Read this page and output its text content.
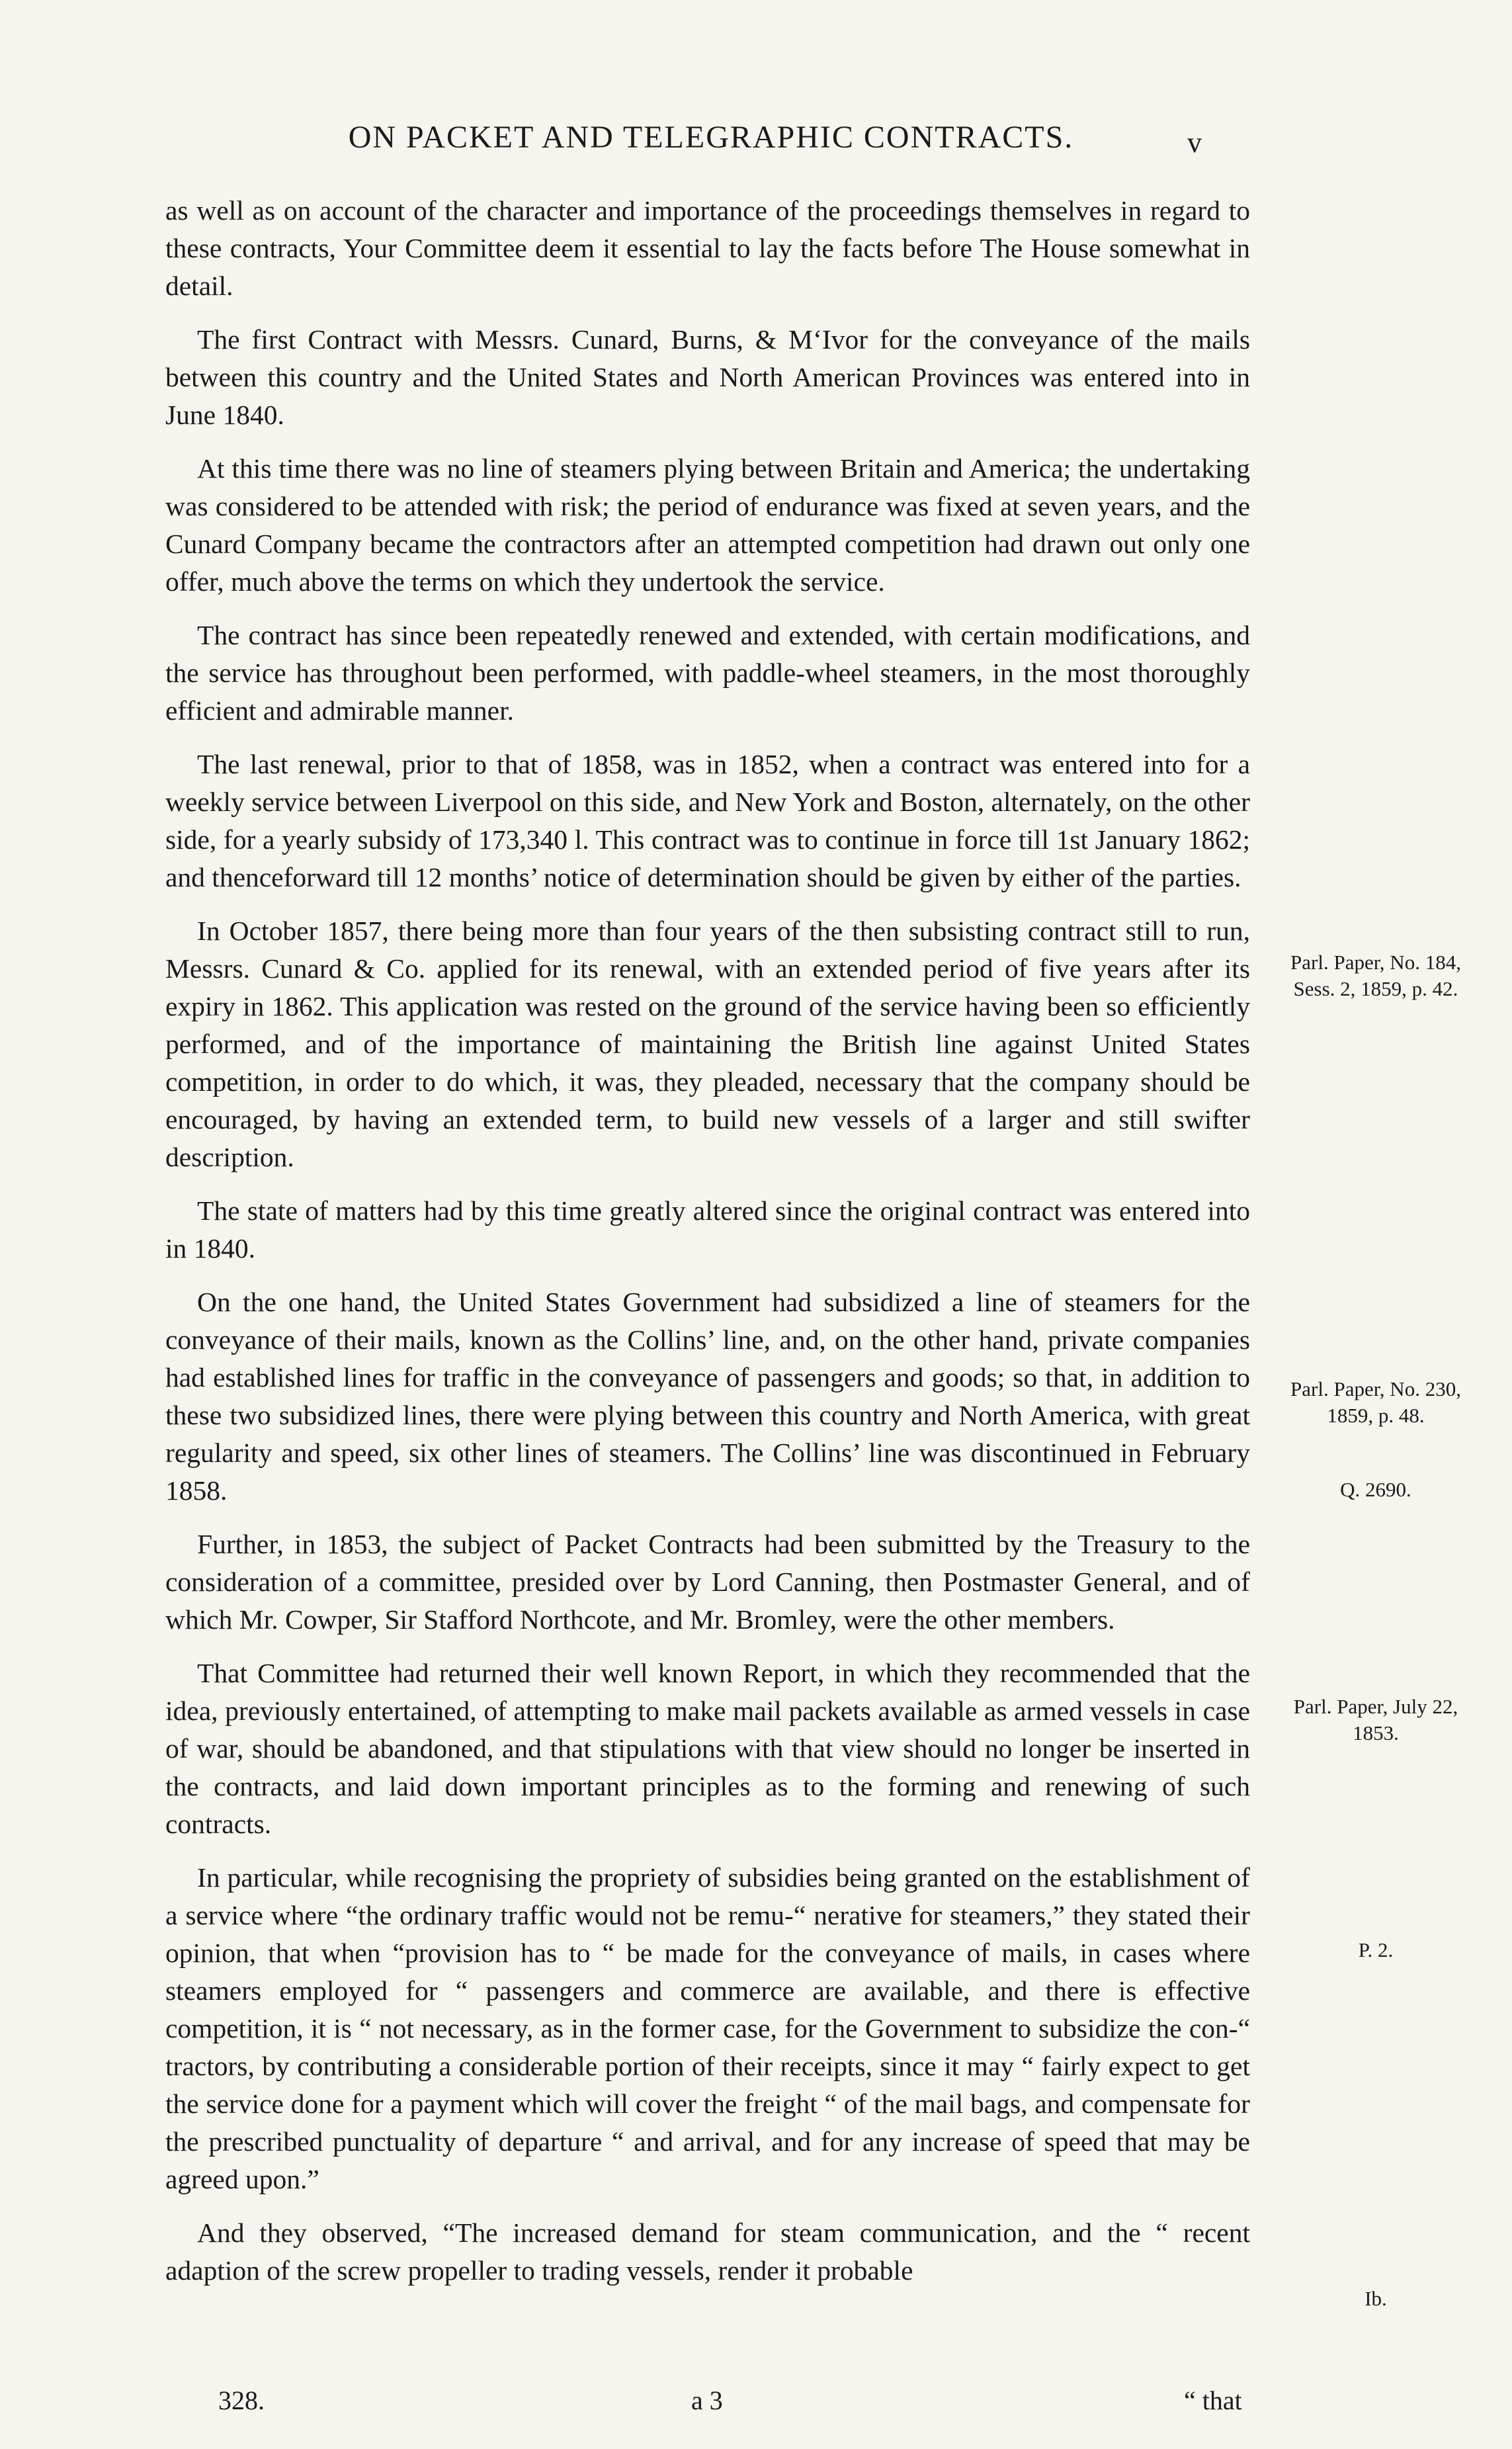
ON PACKET AND TELEGRAPHIC CONTRACTS.	v

as well as on account of the character and importance of the proceedings themselves in regard to these contracts, Your Committee deem it essential to lay the facts before The House somewhat in detail.

The first Contract with Messrs. Cunard, Burns, & M‘Ivor for the conveyance of the mails between this country and the United States and North American Provinces was entered into in June 1840.

At this time there was no line of steamers plying between Britain and America; the undertaking was considered to be attended with risk; the period of endurance was fixed at seven years, and the Cunard Company became the contractors after an attempted competition had drawn out only one offer, much above the terms on which they undertook the service.

The contract has since been repeatedly renewed and extended, with certain modifications, and the service has throughout been performed, with paddle-wheel steamers, in the most thoroughly efficient and admirable manner.

The last renewal, prior to that of 1858, was in 1852, when a contract was entered into for a weekly service between Liverpool on this side, and New York and Boston, alternately, on the other side, for a yearly subsidy of 173,340 l. This contract was to continue in force till 1st January 1862; and thenceforward till 12 months’ notice of determination should be given by either of the parties.

In October 1857, there being more than four years of the then subsisting contract still to run, Messrs. Cunard & Co. applied for its renewal, with an extended period of five years after its expiry in 1862. This application was rested on the ground of the service having been so efficiently performed, and of the importance of maintaining the British line against United States competition, in order to do which, it was, they pleaded, necessary that the company should be encouraged, by having an extended term, to build new vessels of a larger and still swifter description.

The state of matters had by this time greatly altered since the original contract was entered into in 1840.

On the one hand, the United States Government had subsidized a line of steamers for the conveyance of their mails, known as the Collins’ line, and, on the other hand, private companies had established lines for traffic in the conveyance of passengers and goods; so that, in addition to these two subsidized lines, there were plying between this country and North America, with great regularity and speed, six other lines of steamers. The Collins’ line was discontinued in February 1858.

Further, in 1853, the subject of Packet Contracts had been submitted by the Treasury to the consideration of a committee, presided over by Lord Canning, then Postmaster General, and of which Mr. Cowper, Sir Stafford Northcote, and Mr. Bromley, were the other members.

That Committee had returned their well known Report, in which they recommended that the idea, previously entertained, of attempting to make mail packets available as armed vessels in case of war, should be abandoned, and that stipulations with that view should no longer be inserted in the contracts, and laid down important principles as to the forming and renewing of such contracts.

In particular, while recognising the propriety of subsidies being granted on the establishment of a service where “the ordinary traffic would not be remu-“ nerative for steamers,” they stated their opinion, that when “provision has to “ be made for the conveyance of mails, in cases where steamers employed for “ passengers and commerce are available, and there is effective competition, it is “ not necessary, as in the former case, for the Government to subsidize the con-“ tractors, by contributing a considerable portion of their receipts, since it may “ fairly expect to get the service done for a payment which will cover the freight “ of the mail bags, and compensate for the prescribed punctuality of departure “ and arrival, and for any increase of speed that may be agreed upon.”

And they observed, “The increased demand for steam communication, and the “ recent adaption of the screw propeller to trading vessels, render it probable

Parl. Paper, No. 184, Sess. 2, 1859, p. 42.
Parl. Paper, No. 230, 1859, p. 48.
Q. 2690.
Parl. Paper, July 22, 1853.
P. 2.
Ib.
328.	a 3	“ that
